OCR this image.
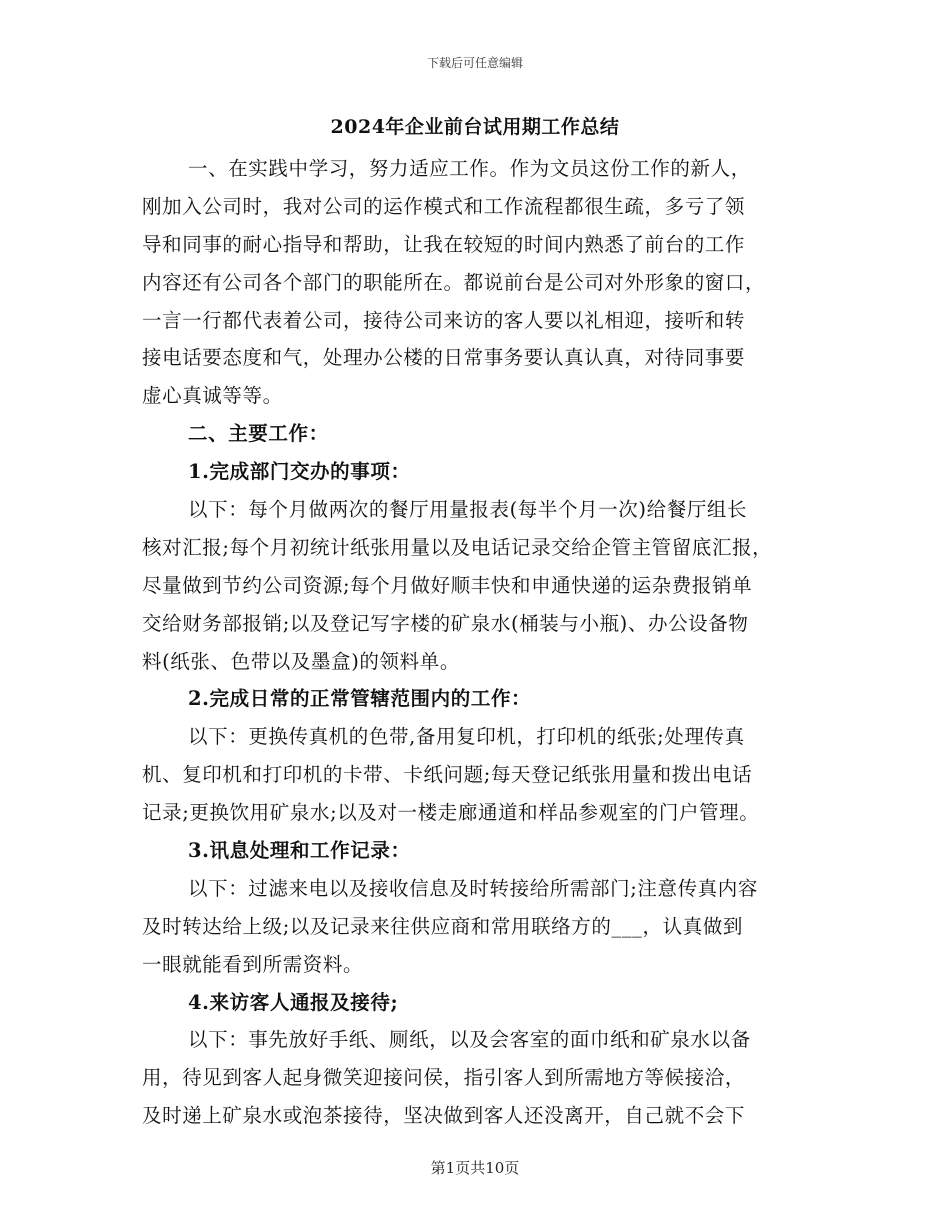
下载后可任意编辑
2024年企业前台试用期工作总结
一、在实践中学习，努力适应工作。作为文员这份工作的新人，
刚加入公司时，我对公司的运作模式和工作流程都很生疏，多亏了领
导和同事的耐心指导和帮助，让我在较短的时间内熟悉了前台的工作
内容还有公司各个部门的职能所在。都说前台是公司对外形象的窗口，
一言一行都代表着公司，接待公司来访的客人要以礼相迎，接听和转
接电话要态度和气，处理办公楼的日常事务要认真认真，对待同事要
虚心真诚等等。
二、主要工作：
1.完成部门交办的事项：
以下：每个月做两次的餐厅用量报表(每半个月一次)给餐厅组长
核对汇报;每个月初统计纸张用量以及电话记录交给企管主管留底汇报，
尽量做到节约公司资源;每个月做好顺丰快和申通快递的运杂费报销单
交给财务部报销;以及登记写字楼的矿泉水(桶装与小瓶)、办公设备物
料(纸张、色带以及墨盒)的领料单。
2.完成日常的正常管辖范围内的工作：
以下：更换传真机的色带,备用复印机，打印机的纸张;处理传真
机、复印机和打印机的卡带、卡纸问题;每天登记纸张用量和拨出电话
记录;更换饮用矿泉水;以及对一楼走廊通道和样品参观室的门户管理。
3.讯息处理和工作记录：
以下：过滤来电以及接收信息及时转接给所需部门;注意传真内容
及时转达给上级;以及记录来往供应商和常用联络方的___，认真做到
一眼就能看到所需资料。
4.来访客人通报及接待;
以下：事先放好手纸、厕纸，以及会客室的面巾纸和矿泉水以备
用，待见到客人起身微笑迎接问侯，指引客人到所需地方等候接洽，
及时递上矿泉水或泡茶接待，坚决做到客人还没离开，自己就不会下
第1页共10页
